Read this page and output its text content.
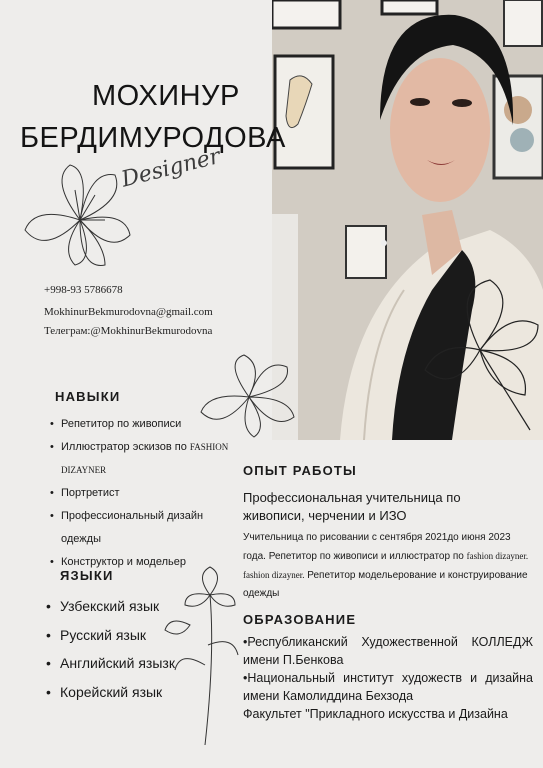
МОХИНУР
БЕРДИМУРОДОВА
Designer
+998-93 5786678
MokhinurBekmurodovna@gmail.com
Телеграм:@MokhinurBekmurodovna
НАВЫКИ
• Репетитор по живописи
• Иллюстратор эскизов по FASHION
DIZAYNER
• Портретист
• Профессиональный дизайн
одежды
• Конструктор и модельер
ЯЗЫКИ
• Узбекский язык
• Русский язык
• Английский язызк
• Корейский язык
ОПЫТ РАБОТЫ
Профессиональная учительница по живописи, черчении и ИЗО
Учительница по рисовании с сентября 2021до июня 2023
года. Репетитор по живописи и иллюстратор по fashion dizayner.
fashion dizayner. Репетитор модельерование и конструирование
одежды
ОБРАЗОВАНИЕ
•Республиканский Художественной КОЛЛЕДЖ имени П.Бенкова
•Национальный институт художеств и дизайна имени Камолиддина Бехзода
Факультет "Прикладного искусства и Дизайна
